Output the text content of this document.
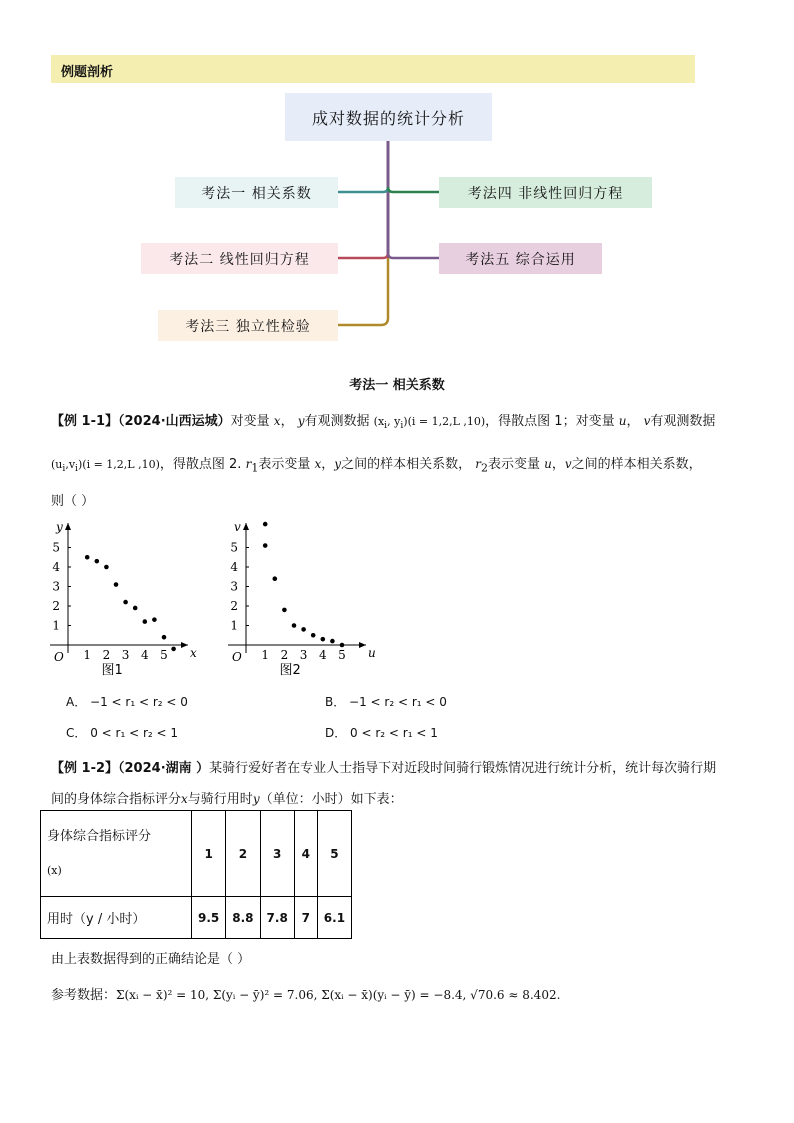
例题剖析
成对数据的统计分析
考法一 相关系数
考法二 线性回归方程
考法三 独立性检验
考法四 非线性回归方程
考法五 综合运用
考法一 相关系数
【例 1-1】（2024·山西运城）对变量 x， y有观测数据 ($x_i$, $y_i)(i = 1,2,L$ ,10)，得散点图 1；对变量 u， v有观测数据
$(u_i,v_i)(i = 1,2,L$ ,10)，得散点图 2. $r_1$表示变量 x，y之间的样本相关系数， $r_2$表示变量 u，v之间的样本相关系数，
则（ ）
1 2 3 4 5
1
2
3
4
5
O	x
y
图1
1 2 3 4 5
1
2
3
4
5
O	u
v
图2
A． −1 < r₁ < r₂ < 0	B． −1 < r₂ < r₁ < 0
C． 0 < r₁ < r₂ < 1	D． 0 < r₂ < r₁ < 1
【例 1-2】（2024·湖南 ）某骑行爱好者在专业人士指导下对近段时间骑行锻炼情况进行统计分析，统计每次骑行期
间的身体综合指标评分x与骑行用时y（单位：小时）如下表：
身体综合指标评分
(x)	1	2	3	4	5
用时（y / 小时）	9.5	8.8	7.8	7	6.1
由上表数据得到的正确结论是（ ）
参考数据：Σ(xᵢ − x̄)² = 10, Σ(yᵢ − ȳ)² = 7.06, Σ(xᵢ − x̄)(yᵢ − ȳ) = −8.4, √70.6 ≈ 8.402.
